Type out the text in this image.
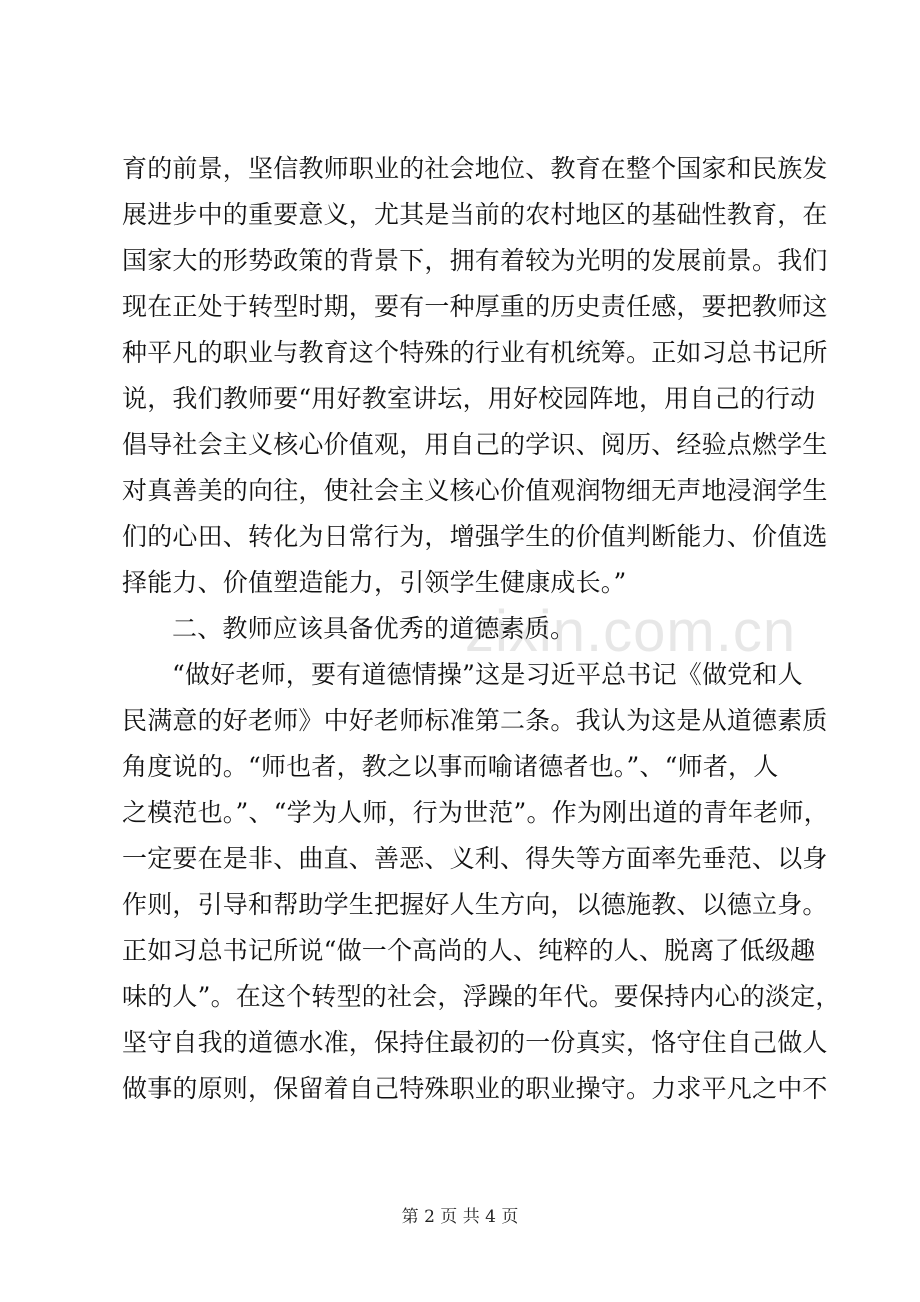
zixin.com.cn
育的前景，坚信教师职业的社会地位、教育在整个国家和民族发
展进步中的重要意义，尤其是当前的农村地区的基础性教育，在
国家大的形势政策的背景下，拥有着较为光明的发展前景。我们
现在正处于转型时期，要有一种厚重的历史责任感，要把教师这
种平凡的职业与教育这个特殊的行业有机统筹。正如习总书记所
说，我们教师要“用好教室讲坛，用好校园阵地，用自己的行动
倡导社会主义核心价值观，用自己的学识、阅历、经验点燃学生
对真善美的向往，使社会主义核心价值观润物细无声地浸润学生
们的心田、转化为日常行为，增强学生的价值判断能力、价值选
择能力、价值塑造能力，引领学生健康成长。”
二、教师应该具备优秀的道德素质。
“做好老师，要有道德情操”这是习近平总书记《做党和人
民满意的好老师》中好老师标准第二条。我认为这是从道德素质
角度说的。“师也者，教之以事而喻诸德者也。”、“师者，人
之模范也。”、“学为人师，行为世范”。作为刚出道的青年老师，
一定要在是非、曲直、善恶、义利、得失等方面率先垂范、以身
作则，引导和帮助学生把握好人生方向，以德施教、以德立身。
正如习总书记所说“做一个高尚的人、纯粹的人、脱离了低级趣
味的人”。在这个转型的社会，浮躁的年代。要保持内心的淡定，
坚守自我的道德水准，保持住最初的一份真实，恪守住自己做人
做事的原则，保留着自己特殊职业的职业操守。力求平凡之中不
第 2 页 共 4 页
